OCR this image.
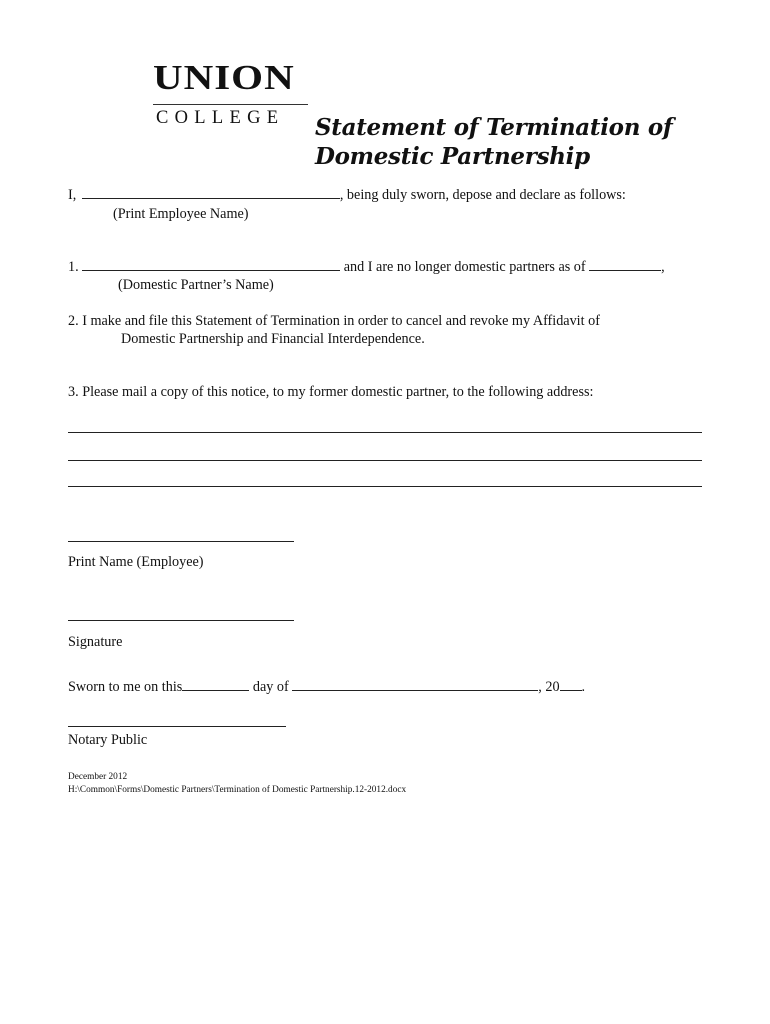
UNION
COLLEGE Statement of Termination of
Domestic Partnership
I,	, being duly sworn, depose and declare as follows:
(Print Employee Name)
1.	and I are no longer domestic partners as of	,
(Domestic Partner’s Name)
2. I make and file this Statement of Termination in order to cancel and revoke my Affidavit of
Domestic Partnership and Financial Interdependence.
3. Please mail a copy of this notice, to my former domestic partner, to the following address:
Print Name (Employee)
Signature
Sworn to me on this	day of	, 20 .
Notary Public
December 2012
H:\Common\Forms\Domestic Partners\Termination of Domestic Partnership.12-2012.docx
